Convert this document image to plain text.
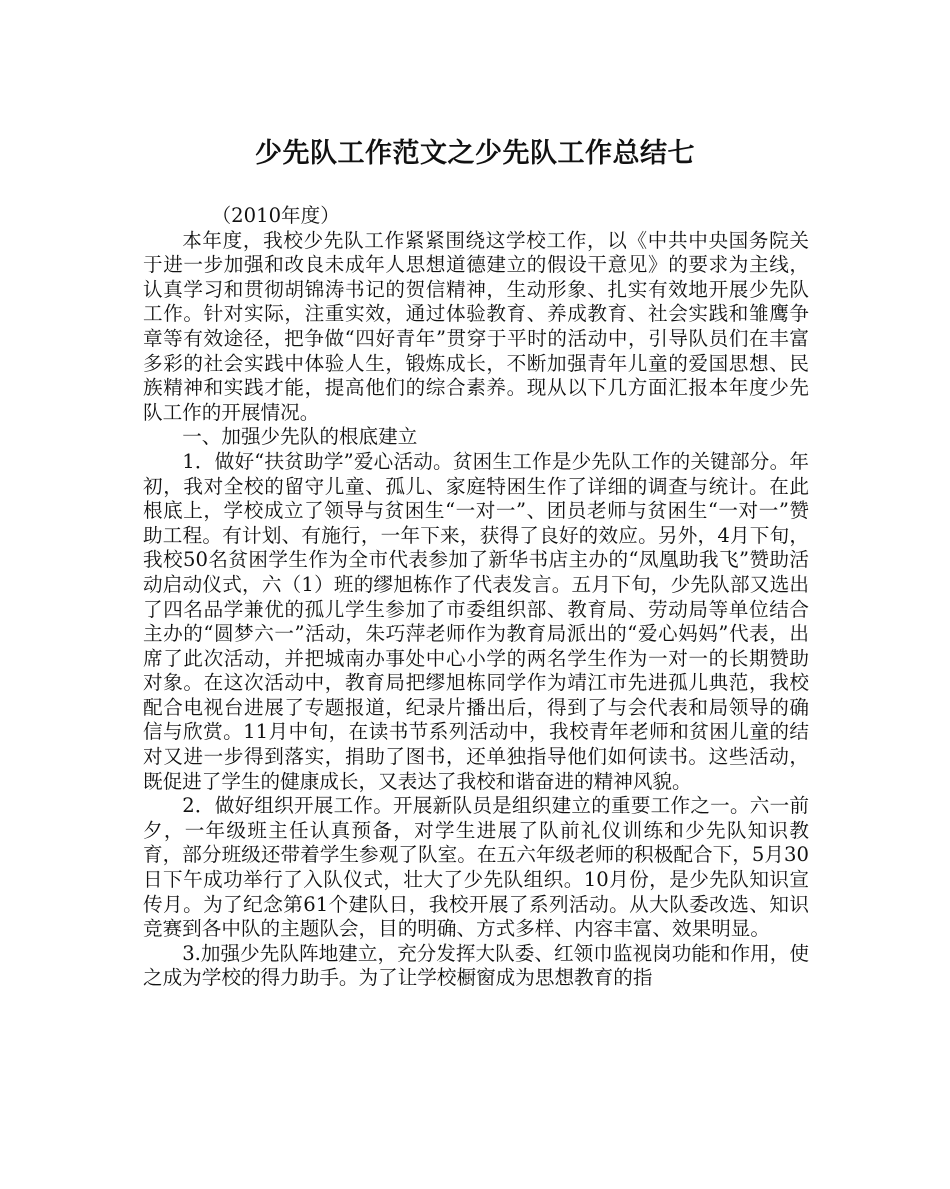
少先队工作范文之少先队工作总结七

（2010年度）

本年度，我校少先队工作紧紧围绕这学校工作，以《中共中央国务院关于进一步加强和改良未成年人思想道德建立的假设干意见》的要求为主线，认真学习和贯彻胡锦涛书记的贺信精神，生动形象、扎实有效地开展少先队工作。针对实际，注重实效，通过体验教育、养成教育、社会实践和雏鹰争章等有效途径，把争做“四好青年”贯穿于平时的活动中，引导队员们在丰富多彩的社会实践中体验人生，锻炼成长，不断加强青年儿童的爱国思想、民族精神和实践才能，提高他们的综合素养。现从以下几方面汇报本年度少先队工作的开展情况。

一、加强少先队的根底建立

1．做好“扶贫助学”爱心活动。贫困生工作是少先队工作的关键部分。年初，我对全校的留守儿童、孤儿、家庭特困生作了详细的调查与统计。在此根底上，学校成立了领导与贫困生“一对一”、团员老师与贫困生“一对一”赞助工程。有计划、有施行，一年下来，获得了良好的效应。另外，4月下旬，我校50名贫困学生作为全市代表参加了新华书店主办的“凤凰助我飞”赞助活动启动仪式，六（1）班的缪旭栋作了代表发言。五月下旬，少先队部又选出了四名品学兼优的孤儿学生参加了市委组织部、教育局、劳动局等单位结合主办的“圆梦六一”活动，朱巧萍老师作为教育局派出的“爱心妈妈”代表，出席了此次活动，并把城南办事处中心小学的两名学生作为一对一的长期赞助对象。在这次活动中，教育局把缪旭栋同学作为靖江市先进孤儿典范，我校配合电视台进展了专题报道，纪录片播出后，得到了与会代表和局领导的确信与欣赏。11月中旬，在读书节系列活动中，我校青年老师和贫困儿童的结对又进一步得到落实，捐助了图书，还单独指导他们如何读书。这些活动，既促进了学生的健康成长，又表达了我校和谐奋进的精神风貌。

2．做好组织开展工作。开展新队员是组织建立的重要工作之一。六一前夕，一年级班主任认真预备，对学生进展了队前礼仪训练和少先队知识教育，部分班级还带着学生参观了队室。在五六年级老师的积极配合下，5月30 日下午成功举行了入队仪式，壮大了少先队组织。10月份，是少先队知识宣传月。为了纪念第61个建队日，我校开展了系列活动。从大队委改选、知识竞赛到各中队的主题队会，目的明确、方式多样、内容丰富、效果明显。

3.加强少先队阵地建立，充分发挥大队委、红领巾监视岗功能和作用，使之成为学校的得力助手。为了让学校橱窗成为思想教育的指
